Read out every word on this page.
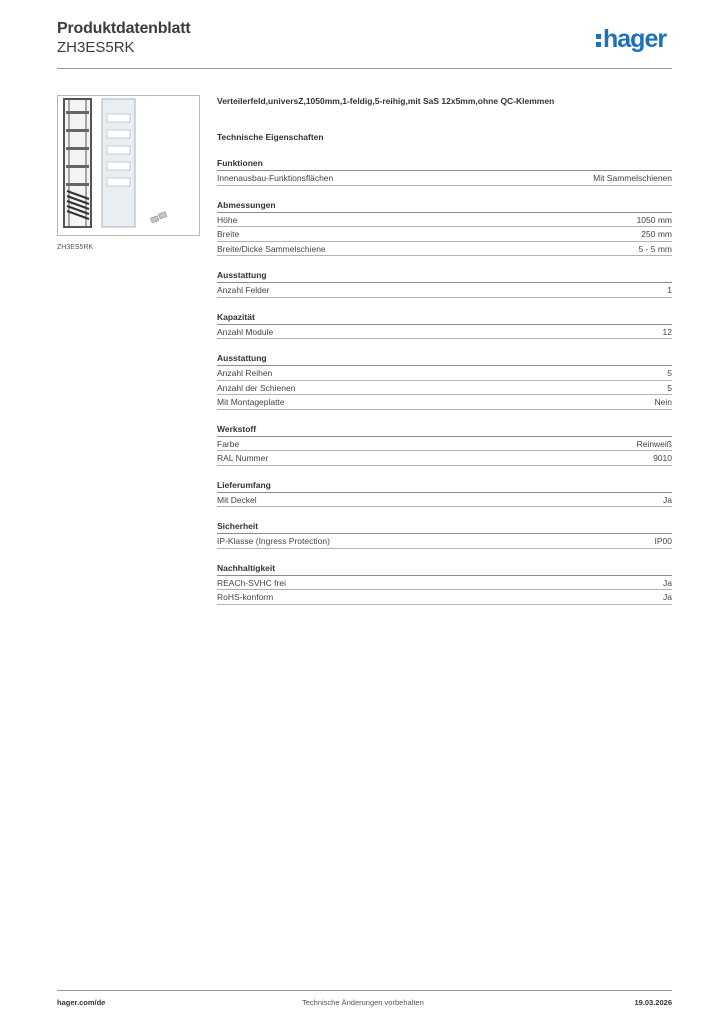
Produktdatenblatt
ZH3ES5RK	hager
ZH3ES5RK
Verteilerfeld,universZ,1050mm,1-feldig,5-reihig,mit SaS 12x5mm,ohne QC-Klemmen
Technische Eigenschaften
Funktionen
Innenausbau-Funktionsflächen	Mit Sammelschienen
Abmessungen
Höhe	1050 mm
Breite	250 mm
Breite/Dicke Sammelschiene	5 - 5 mm
Ausstattung
Anzahl Felder	1
Kapazität
Anzahl Module	12
Ausstattung
Anzahl Reihen	5
Anzahl der Schienen	5
Mit Montageplatte	Nein
Werkstoff
Farbe	Reinweiß
RAL Nummer	9010
Lieferumfang
Mit Deckel	Ja
Sicherheit
IP-Klasse (Ingress Protection)	IP00
Nachhaltigkeit
REACh-SVHC frei	Ja
RoHS-konform	Ja
hager.com/de	Technische Änderungen vorbehalten	19.03.2026
